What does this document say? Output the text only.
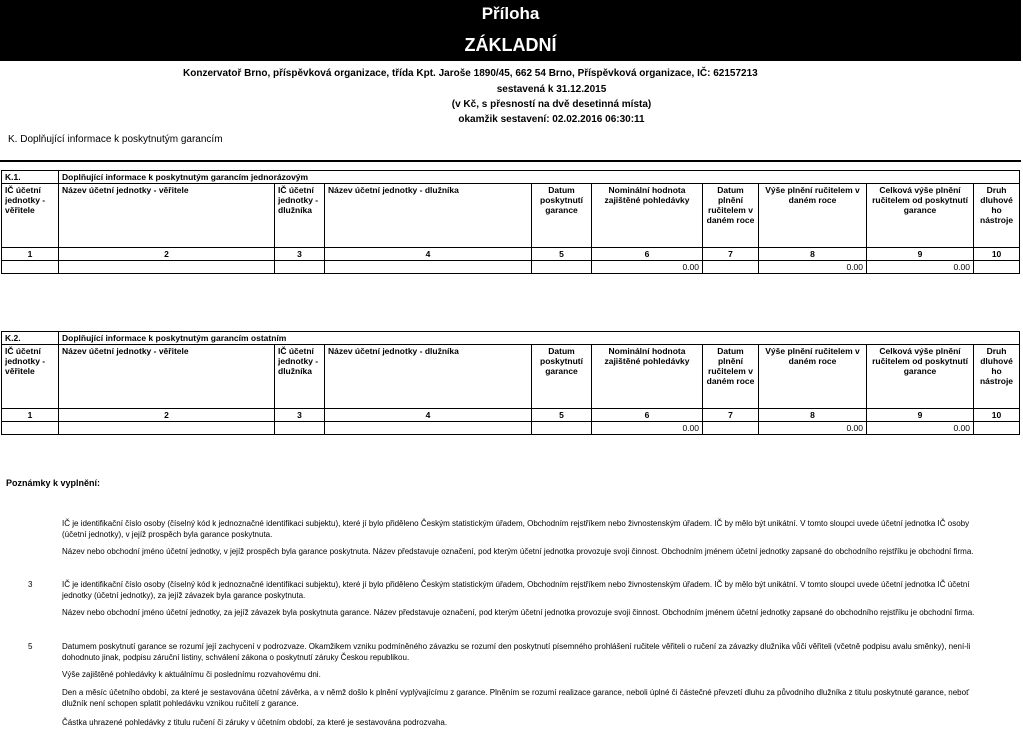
Příloha
ZÁKLADNÍ
Konzervatoř Brno, příspěvková organizace, třída Kpt. Jaroše 1890/45, 662 54 Brno, Příspěvková organizace, IČ: 62157213
sestavená k 31.12.2015
(v Kč, s přesností na dvě desetinná místa)
okamžik sestavení: 02.02.2016 06:30:11
K. Doplňující informace k poskytnutým garancím
K.1.	Doplňující informace k poskytnutým garancím jednorázovým								
IČ účetní jednotky - věřitele	Název účetní jednotky - věřitele	IČ účetní jednotky - dlužníka	Název účetní jednotky - dlužníka	Datum poskytnutí garance	Nominální hodnota zajištěné pohledávky	Datum plnění ručitelem v daném roce	Výše plnění ručitelem v daném roce	Celková výše plnění ručitelem od poskytnutí garance	Druh dluhové ho nástroje
1	2	3	4	5	6	7	8	9	10
					0.00		0.00	0.00	
K.2.	Doplňující informace k poskytnutým garancím ostatním								
IČ účetní jednotky - věřitele	Název účetní jednotky - věřitele	IČ účetní jednotky - dlužníka	Název účetní jednotky - dlužníka	Datum poskytnutí garance	Nominální hodnota zajištěné pohledávky	Datum plnění ručitelem v daném roce	Výše plnění ručitelem v daném roce	Celková výše plnění ručitelem od poskytnutí garance	Druh dluhové ho nástroje
1	2	3	4	5	6	7	8	9	10
					0.00		0.00	0.00	
Poznámky k vyplnění:
IČ je identifikační číslo osoby (číselný kód k jednoznačné identifikaci subjektu), které jí bylo přiděleno Českým statistickým úřadem, Obchodním rejstříkem nebo živnostenským úřadem. IČ by mělo být unikátní. V tomto sloupci uvede účetní jednotka IČ osoby (účetní jednotky), v jejíž prospěch byla garance poskytnuta.
Název nebo obchodní jméno účetní jednotky, v jejíž prospěch byla garance poskytnuta. Název představuje označení, pod kterým účetní jednotka provozuje svoji činnost. Obchodním jménem účetní jednotky zapsané do obchodního rejstříku je obchodní firma.
3	IČ je identifikační číslo osoby (číselný kód k jednoznačné identifikaci subjektu), které jí bylo přiděleno Českým statistickým úřadem, Obchodním rejstříkem nebo živnostenským úřadem. IČ by mělo být unikátní. V tomto sloupci uvede účetní jednotka IČ účetní jednotky (účetní jednotky), za jejíž závazek byla garance poskytnuta.
Název nebo obchodní jméno účetní jednotky, za jejíž závazek byla poskytnuta garance. Název představuje označení, pod kterým účetní jednotka provozuje svoji činnost. Obchodním jménem účetní jednotky zapsané do obchodního rejstříku je obchodní firma.
5	Datumem poskytnutí garance se rozumí její zachycení v podrozvaze. Okamžikem vzniku podmíněného závazku se rozumí den poskytnutí písemného prohlášení ručitele věřiteli o ručení za závazky dlužníka vůči věřiteli (včetně podpisu avalu směnky), není-li dohodnuto jinak, podpisu záruční listiny, schválení zákona o poskytnutí záruky Českou republikou.
Výše zajištěné pohledávky k aktuálnímu či poslednímu rozvahovému dni.
Den a měsíc účetního období, za které je sestavována účetní závěrka, a v němž došlo k plnění vyplývajícímu z garance. Plněním se rozumí realizace garance, neboli úplné či částečné převzetí dluhu za původního dlužníka z titulu poskytnuté garance, neboť dlužník není schopen splatit pohledávku vznikou ručitelí z garance.
Částka uhrazené pohledávky z titulu ručení či záruky v účetním období, za které je sestavována podrozvaha.
